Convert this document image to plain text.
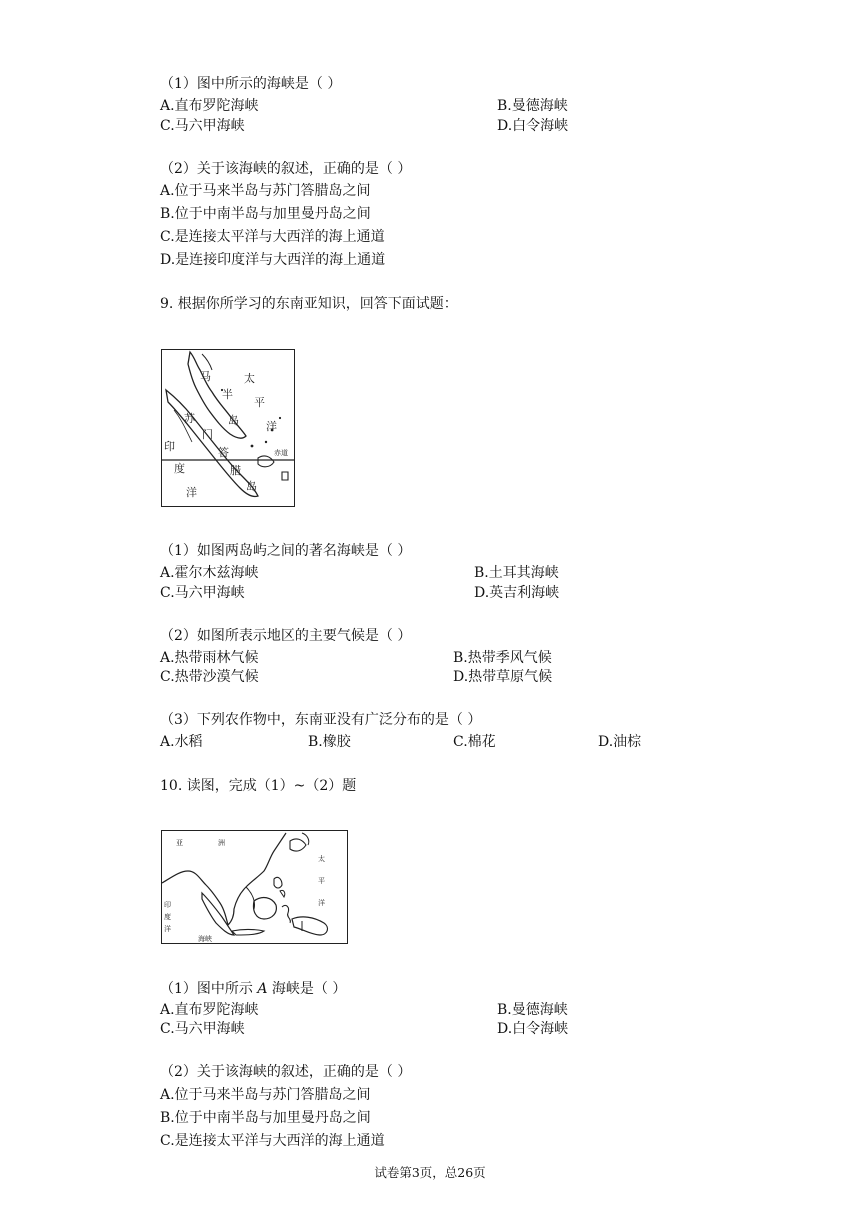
（1）图中所示的海峡是（ ）
A.直布罗陀海峡	B.曼德海峡
C.马六甲海峡	D.白令海峡
（2）关于该海峡的叙述，正确的是（ ）
A.位于马来半岛与苏门答腊岛之间
B.位于中南半岛与加里曼丹岛之间
C.是连接太平洋与大西洋的海上通道
D.是连接印度洋与大西洋的海上通道
9. 根据你所学习的东南亚知识，回答下面试题：
马
半
岛
太
平
洋
苏
门
答
腊
岛
印
度
洋
赤道
（1）如图两岛屿之间的著名海峡是（ ）
A.霍尔木兹海峡	B.土耳其海峡
C.马六甲海峡	D.英吉利海峡
（2）如图所表示地区的主要气候是（ ）
A.热带雨林气候	B.热带季风气候
C.热带沙漠气候	D.热带草原气候
（3）下列农作物中，东南亚没有广泛分布的是（ ）
A.水稻	B.橡胶	C.棉花	D.油棕
10. 读图，完成（1）~（2）题
亚	洲
太
平
洋
印
度
洋
海峡
（1）图中所示 A 海峡是（ ）
A.直布罗陀海峡	B.曼德海峡
C.马六甲海峡	D.白令海峡
（2）关于该海峡的叙述，正确的是（ ）
A.位于马来半岛与苏门答腊岛之间
B.位于中南半岛与加里曼丹岛之间
C.是连接太平洋与大西洋的海上通道
试卷第3页，总26页
